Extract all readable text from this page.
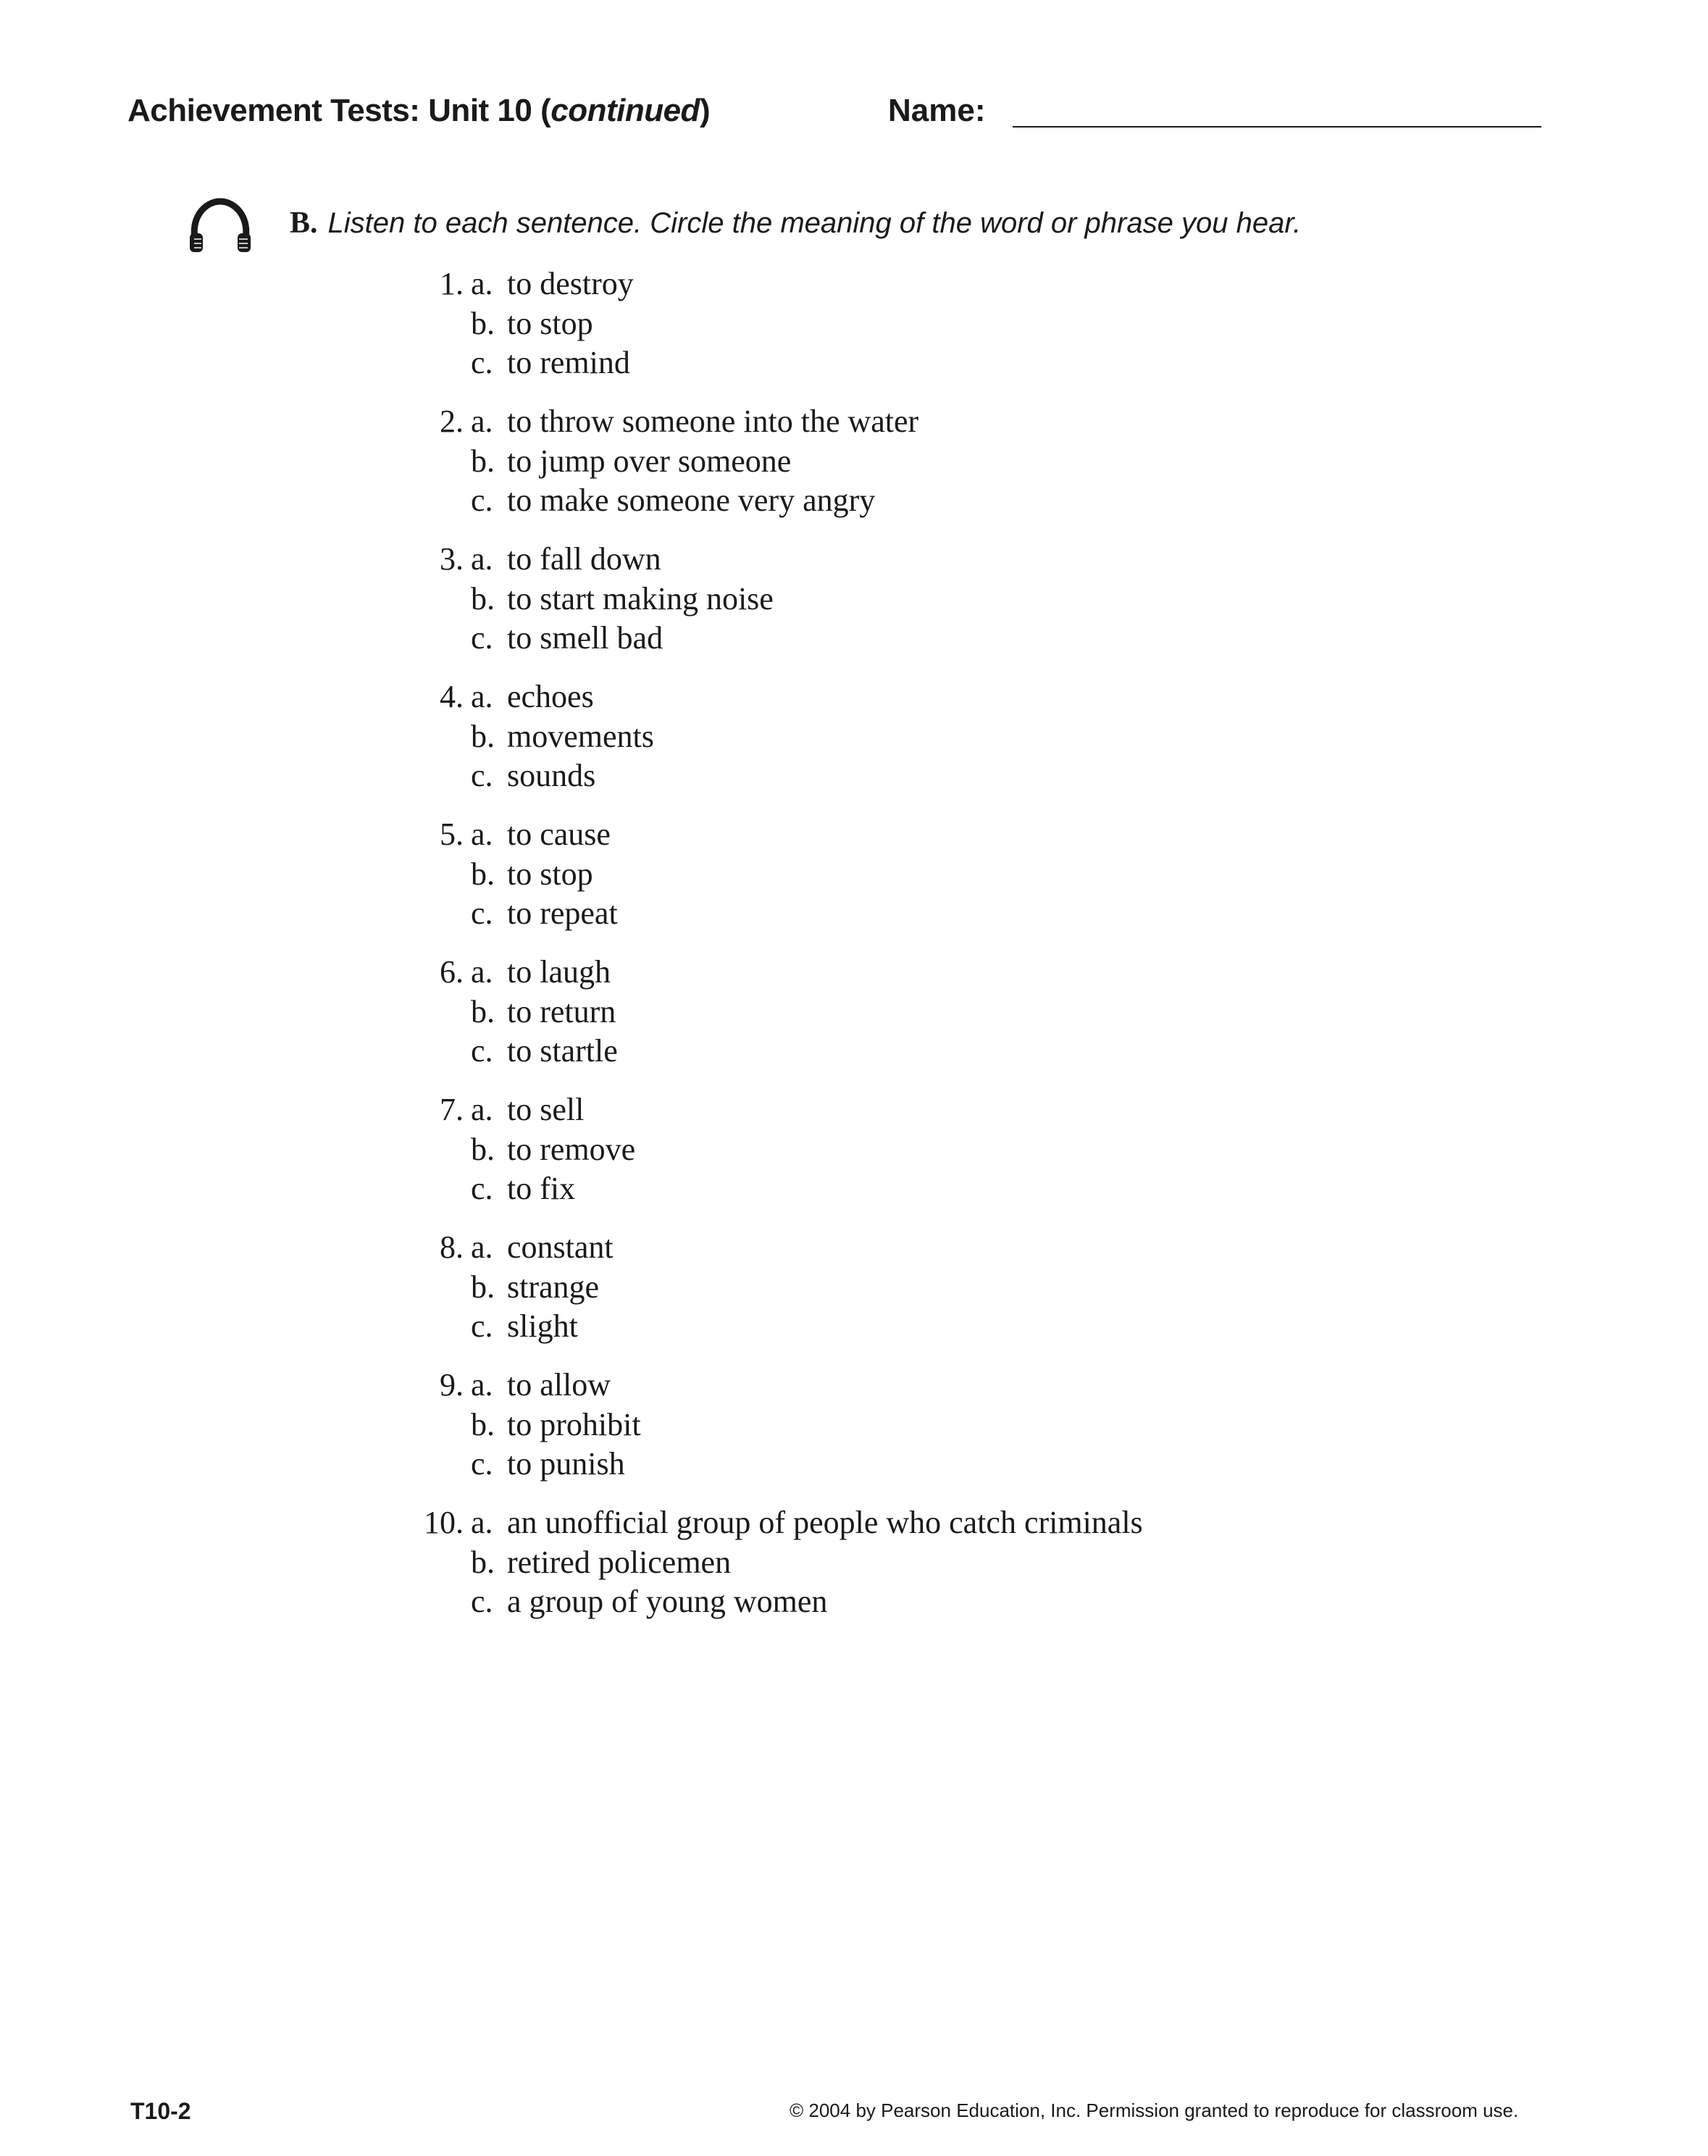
Achievement Tests: Unit 10 (continued)	Name:
B. Listen to each sentence. Circle the meaning of the word or phrase you hear.
1. a. to destroy
b. to stop
c. to remind
2. a. to throw someone into the water
b. to jump over someone
c. to make someone very angry
3. a. to fall down
b. to start making noise
c. to smell bad
4. a. echoes
b. movements
c. sounds
5. a. to cause
b. to stop
c. to repeat
6. a. to laugh
b. to return
c. to startle
7. a. to sell
b. to remove
c. to fix
8. a. constant
b. strange
c. slight
9. a. to allow
b. to prohibit
c. to punish
10. a. an unofficial group of people who catch criminals
b. retired policemen
c. a group of young women
T10-2	© 2004 by Pearson Education, Inc. Permission granted to reproduce for classroom use.
